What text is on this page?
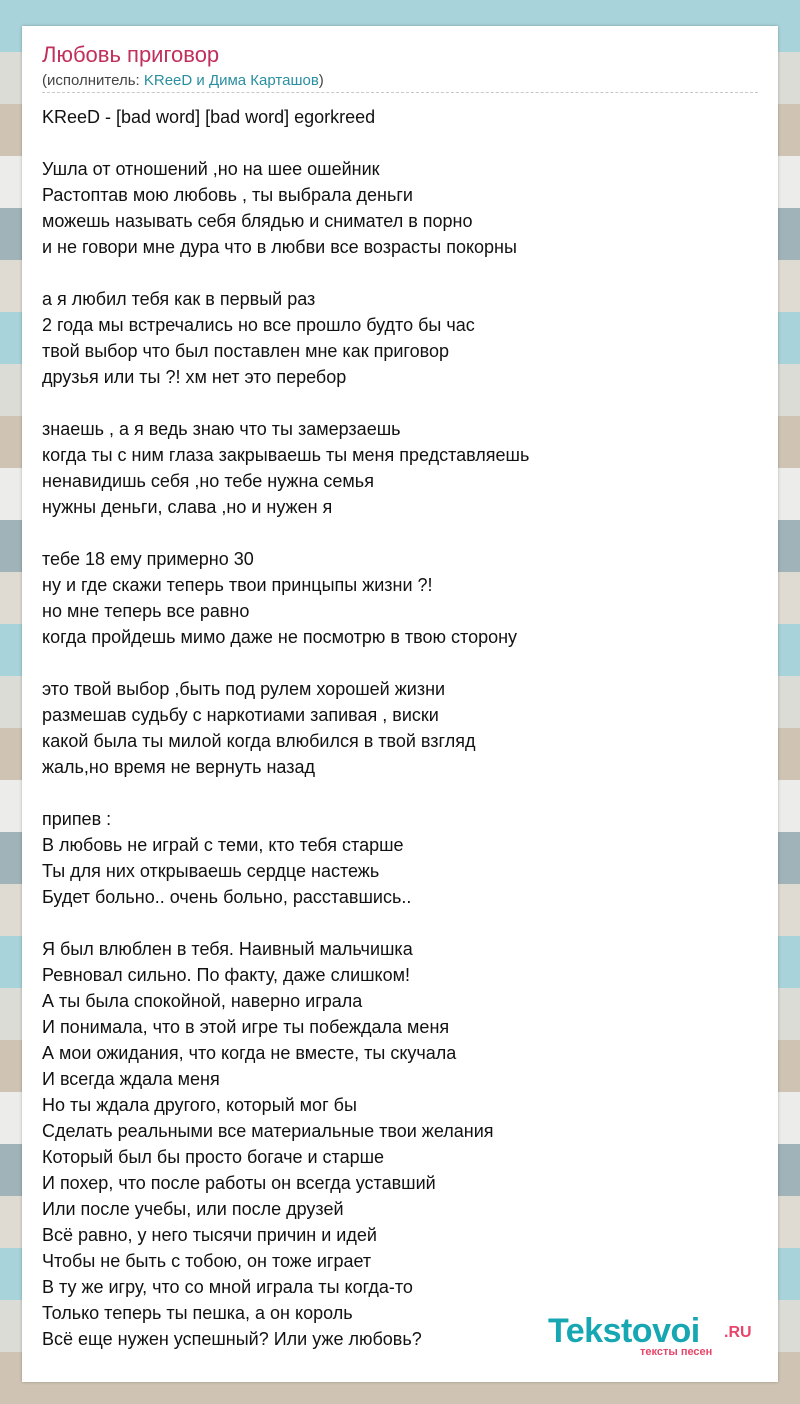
Любовь приговор
(исполнитель: KReeD и Дима Карташов)
KReeD - [bad word] [bad word] egorkreed

Ушла от отношений ,но на шее ошейник
Растоптав мою любовь , ты выбрала деньги
можешь называть себя блядью и снимател в порно
и не говори мне дура что в любви все возрасты покорны

а я любил тебя как в первый раз
2 года мы встречались но все прошло будто бы час
твой выбор что был поставлен мне как приговор
друзья или ты ?! хм нет это перебор

знаешь , а я ведь знаю что ты замерзаешь
когда ты с ним глаза закрываешь ты меня представляешь
ненавидишь себя ,но тебе нужна семья
нужны деньги, слава ,но и нужен я

тебе 18 ему примерно 30
ну и где скажи теперь твои принцыпы жизни ?!
но мне теперь все равно
когда пройдешь мимо даже не посмотрю в твою сторону

это твой выбор ,быть под рулем хорошей жизни
размешав судьбу с наркотиами запивая , виски
какой была ты милой когда влюбился в твой взгляд
жаль,но время не вернуть назад

припев :
В любовь не играй с теми, кто тебя старше
Ты для них открываешь сердце настежь
Будет больно.. очень больно, расставшись..

Я был влюблен в тебя. Наивный мальчишка
Ревновал сильно. По факту, даже слишком!
А ты была спокойной, наверно играла
И понимала, что в этой игре ты побеждала меня
А мои ожидания, что когда не вместе, ты скучала
И всегда ждала меня
Но ты ждала другого, который мог бы
Сделать реальными все материальные твои желания
Который был бы просто богаче и старше
И похер, что после работы он всегда уставший
Или после учебы, или после друзей
Всё равно, у него тысячи причин и идей
Чтобы не быть с тобою, он тоже играет
В ту же игру, что со мной играла ты когда-то
Только теперь ты пешка, а он король
Всё еще нужен успешный? Или уже любовь?	Tekstovoi .RU
тексты песен
